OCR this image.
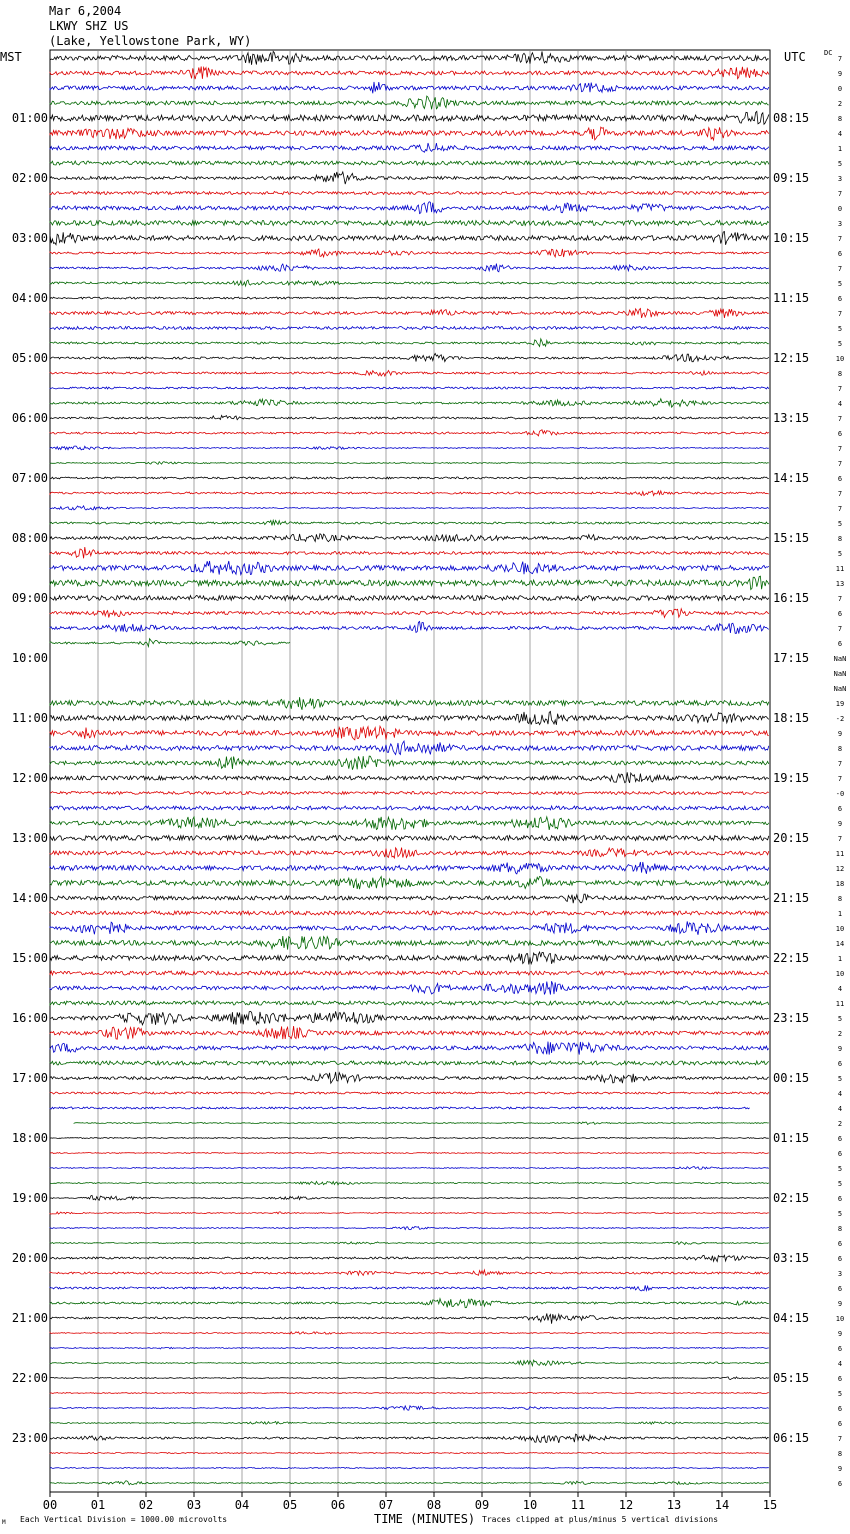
Mar 6,2004
LKWY SHZ US
(Lake, Yellowstone Park, WY)
MST	UTC	DC
00	01	02	03	04	05	06	07	08	09	10	11	12	13	14	15
7
9
0
2
8
4
1
5
3
7
0
3
7
6
7
5
6
7
5
5
10
8
7
4
7
6
7
7
6
7
7
5
8
5
11
13
7
6
7
6
NaN
NaN
NaN
19
-2
9
8
7
7
-0
6
9
7
11
12
18
8
1
10
14
1
10
4
11
5
2
9
6
5
4
4
2
6
6
5
5
6
5
8
6
6
3
6
9
10
9
6
4
6
5
6
6
7
8
9
6
01:00
02:00
03:00
04:00
05:00
06:00
07:00
08:00
09:00
10:00
11:00
12:00
13:00
14:00
15:00
16:00
17:00
18:00
19:00
20:00
21:00
22:00
23:00
08:15
09:15
10:15
11:15
12:15
13:15
14:15
15:15
16:15
17:15
18:15
19:15
20:15
21:15
22:15
23:15
00:15
01:15
02:15
03:15
04:15
05:15
06:15
TIME (MINUTES)
Each Vertical Division = 1000.00 microvolts	Traces clipped at plus/minus 5 vertical divisions
M
